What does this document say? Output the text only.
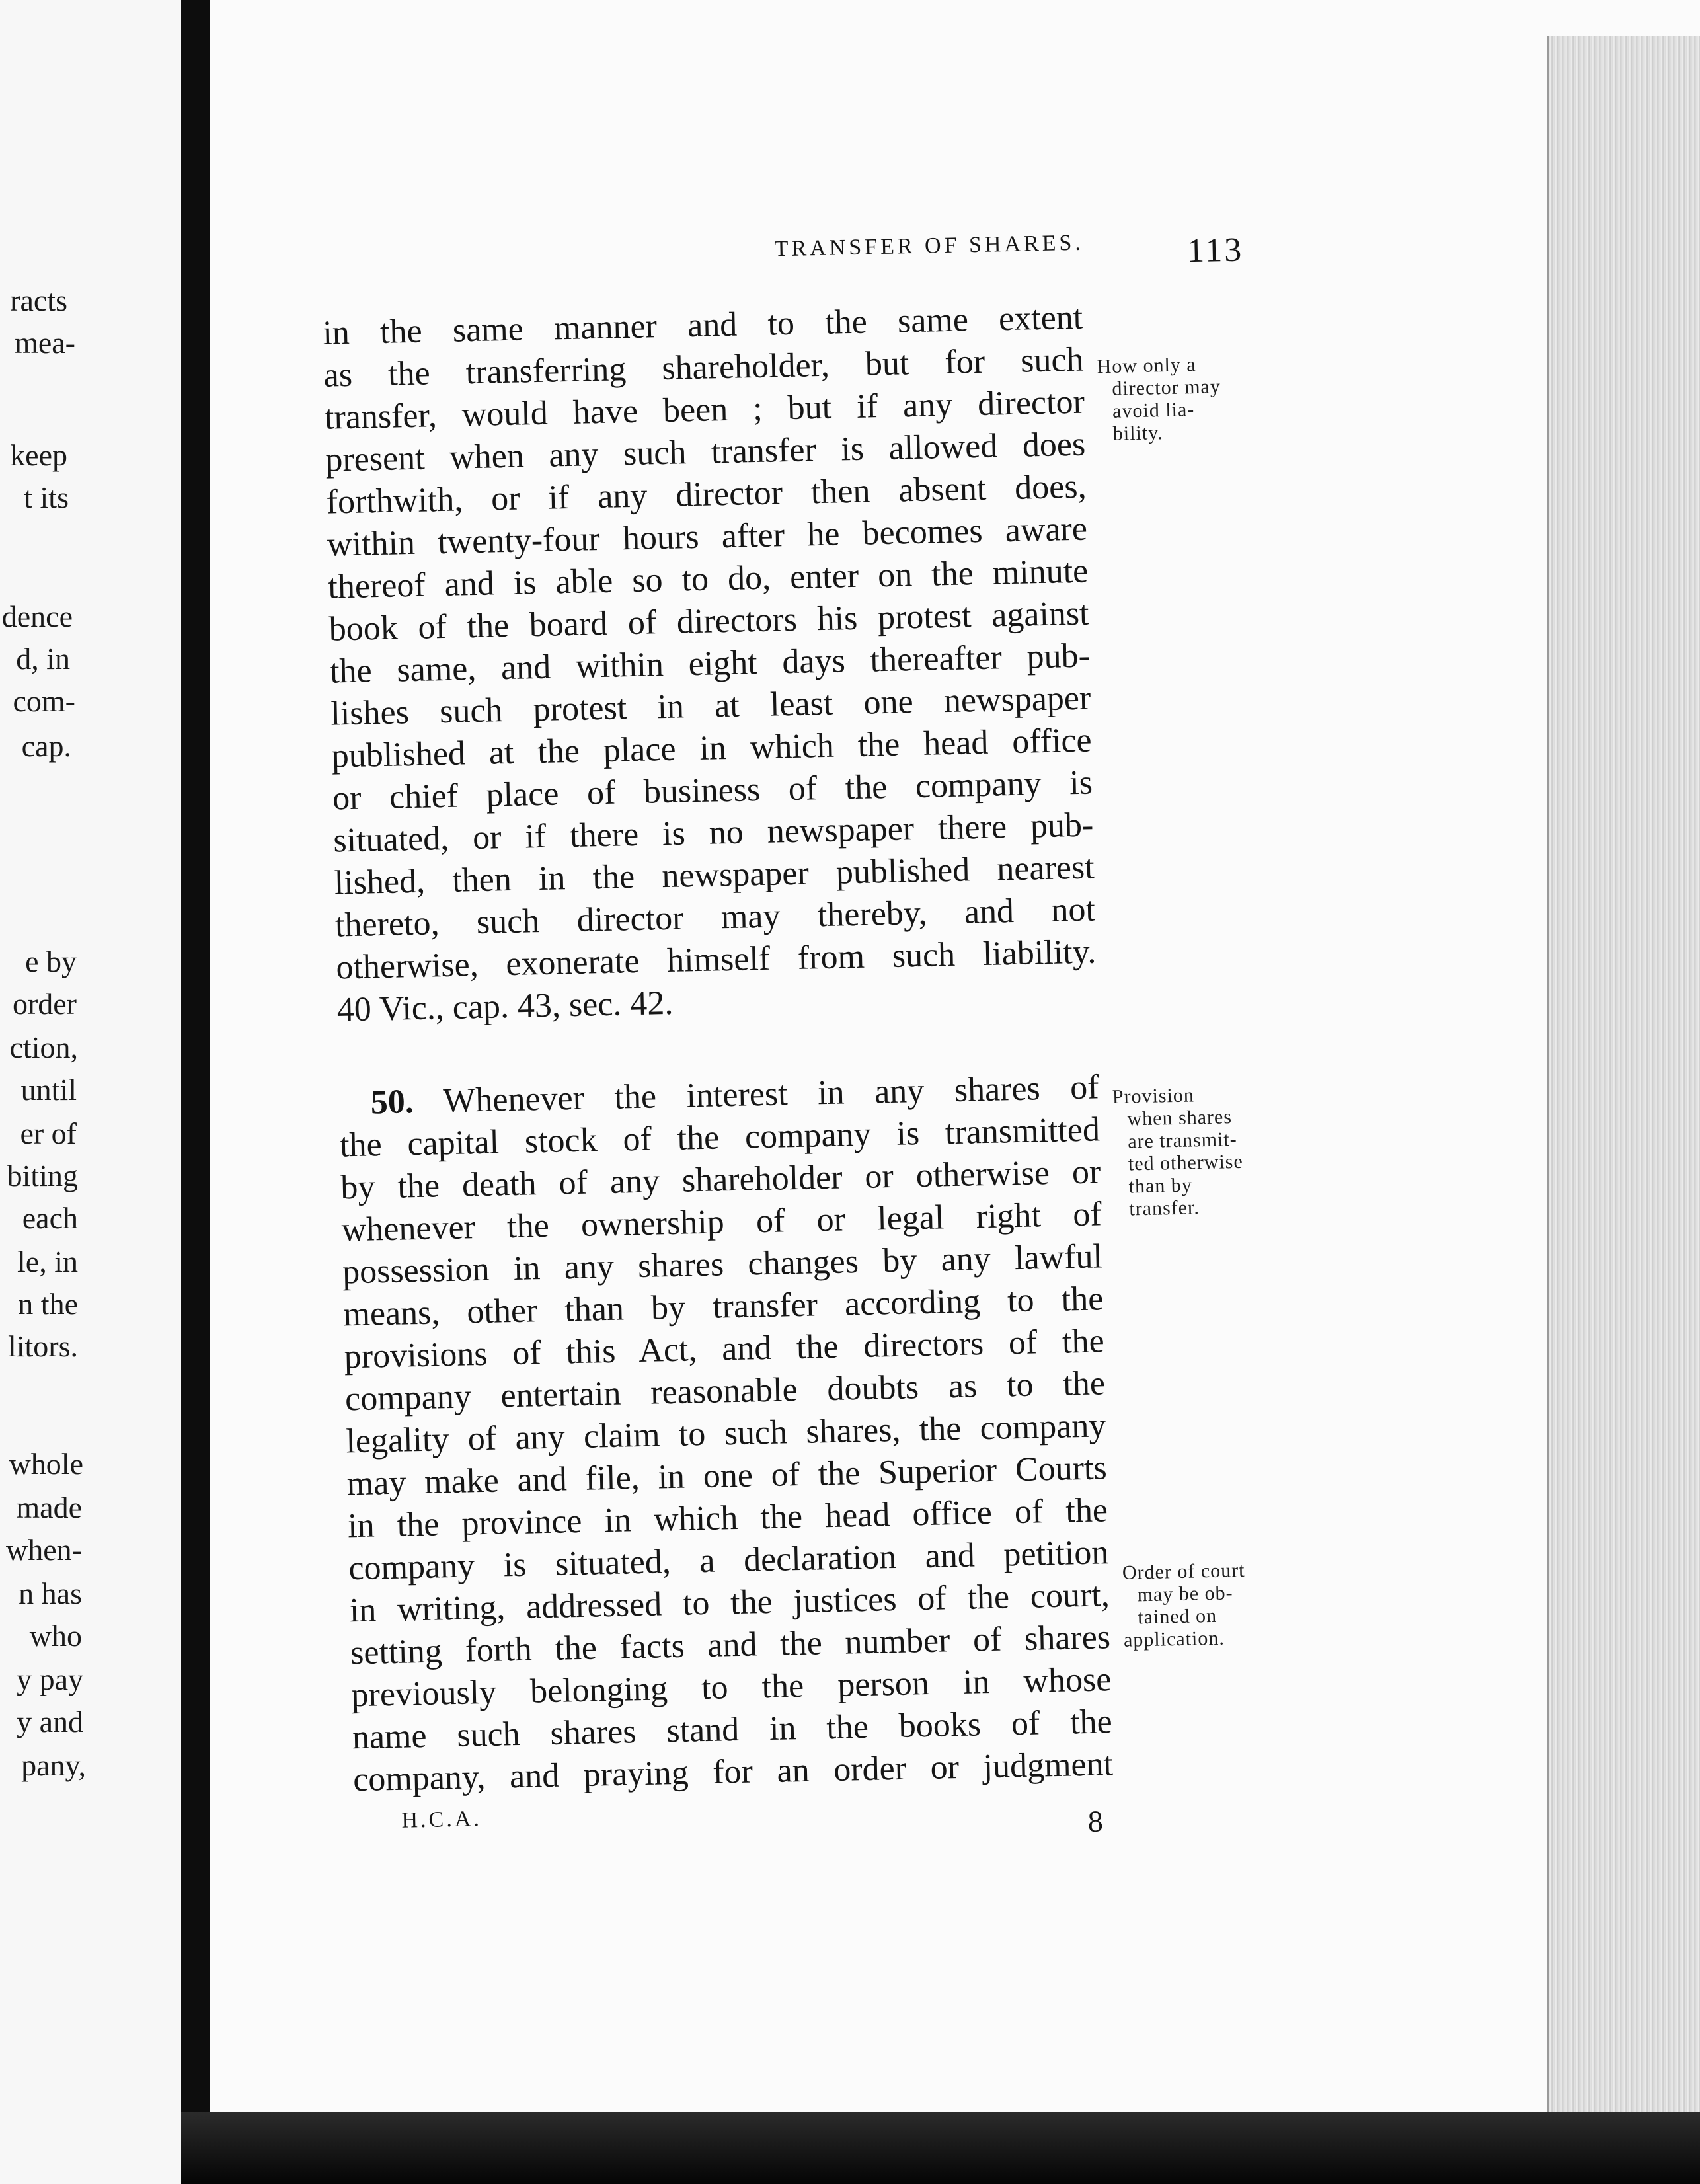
racts
mea-
keep
t its
dence
d, in
com-
cap.
e by
order
ction,
until
er of
biting
each
le, in
n the
litors.
whole
made
when-
n has
who
y pay
y and
pany,
TRANSFER OF SHARES.	113
in the same manner and to the same extent
as the transferring shareholder, but for such
transfer, would have been ; but if any director
present when any such transfer is allowed does
forthwith, or if any director then absent does,
within twenty-four hours after he becomes aware
thereof and is able so to do, enter on the minute
book of the board of directors his protest against
the same, and within eight days thereafter pub-
lishes such protest in at least one newspaper
published at the place in which the head office
or chief place of business of the company is
situated, or if there is no newspaper there pub-
lished, then in the newspaper published nearest
thereto, such director may thereby, and not
otherwise, exonerate himself from such liability.
40 Vic., cap. 43, sec. 42.
How only a
director may
avoid lia-
bility.
50. Whenever the interest in any shares of
the capital stock of the company is transmitted
by the death of any shareholder or otherwise or
whenever the ownership of or legal right of
possession in any shares changes by any lawful
means, other than by transfer according to the
provisions of this Act, and the directors of the
company entertain reasonable doubts as to the
legality of any claim to such shares, the company
may make and file, in one of the Superior Courts
in the province in which the head office of the
company is situated, a declaration and petition
in writing, addressed to the justices of the court,
setting forth the facts and the number of shares
previously belonging to the person in whose
name such shares stand in the books of the
company, and praying for an order or judgment
Provision
when shares
are transmit-
ted otherwise
than by
transfer.
Order of court
may be ob-
tained on
application.
H.C.A.	8
